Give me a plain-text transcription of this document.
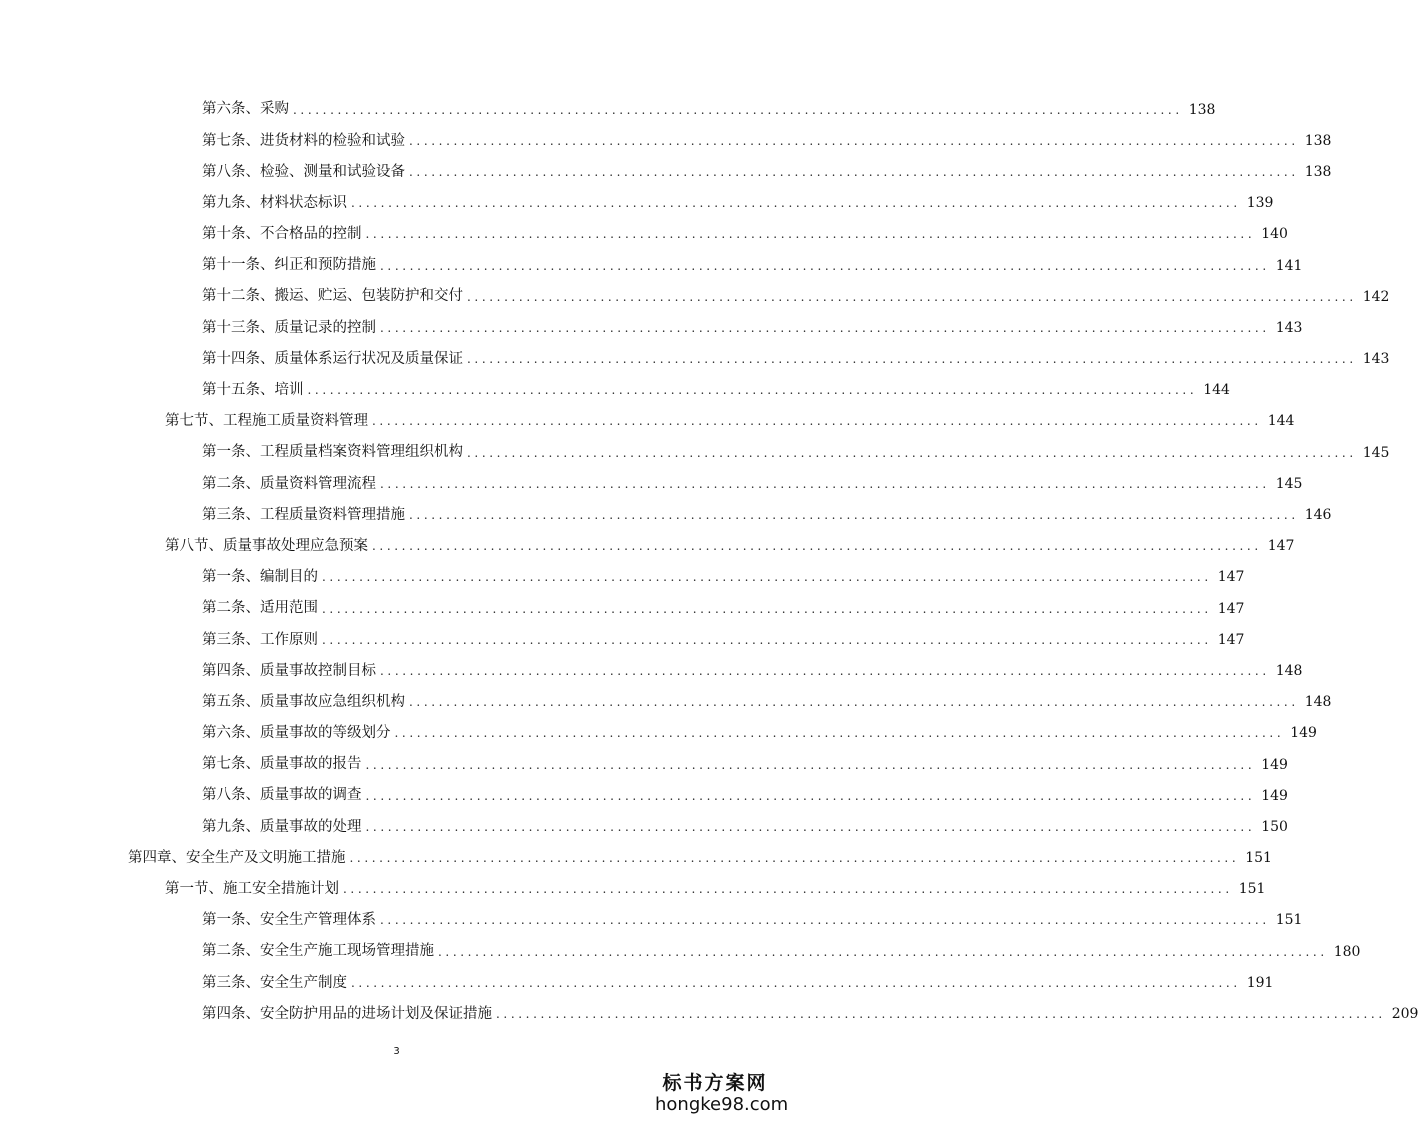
第六条、采购 ........................................................................................................................ 138
第七条、进货材料的检验和试验 ........................................................................................................................ 138
第八条、检验、测量和试验设备 ........................................................................................................................ 138
第九条、材料状态标识 ........................................................................................................................ 139
第十条、不合格品的控制 ........................................................................................................................ 140
第十一条、纠正和预防措施 ........................................................................................................................ 141
第十二条、搬运、贮运、包装防护和交付 ........................................................................................................................ 142
第十三条、质量记录的控制 ........................................................................................................................ 143
第十四条、质量体系运行状况及质量保证 ........................................................................................................................ 143
第十五条、培训 ........................................................................................................................ 144
第七节、工程施工质量资料管理 ........................................................................................................................ 144
第一条、工程质量档案资料管理组织机构 ........................................................................................................................ 145
第二条、质量资料管理流程 ........................................................................................................................ 145
第三条、工程质量资料管理措施 ........................................................................................................................ 146
第八节、质量事故处理应急预案 ........................................................................................................................ 147
第一条、编制目的 ........................................................................................................................ 147
第二条、适用范围 ........................................................................................................................ 147
第三条、工作原则 ........................................................................................................................ 147
第四条、质量事故控制目标 ........................................................................................................................ 148
第五条、质量事故应急组织机构 ........................................................................................................................ 148
第六条、质量事故的等级划分 ........................................................................................................................ 149
第七条、质量事故的报告 ........................................................................................................................ 149
第八条、质量事故的调查 ........................................................................................................................ 149
第九条、质量事故的处理 ........................................................................................................................ 150
第四章、安全生产及文明施工措施 ........................................................................................................................ 151
第一节、施工安全措施计划 ........................................................................................................................ 151
第一条、安全生产管理体系 ........................................................................................................................ 151
第二条、安全生产施工现场管理措施 ........................................................................................................................ 180
第三条、安全生产制度 ........................................................................................................................ 191
第四条、安全防护用品的进场计划及保证措施 ........................................................................................................................ 209
3
标书方案网
hongke98.com
